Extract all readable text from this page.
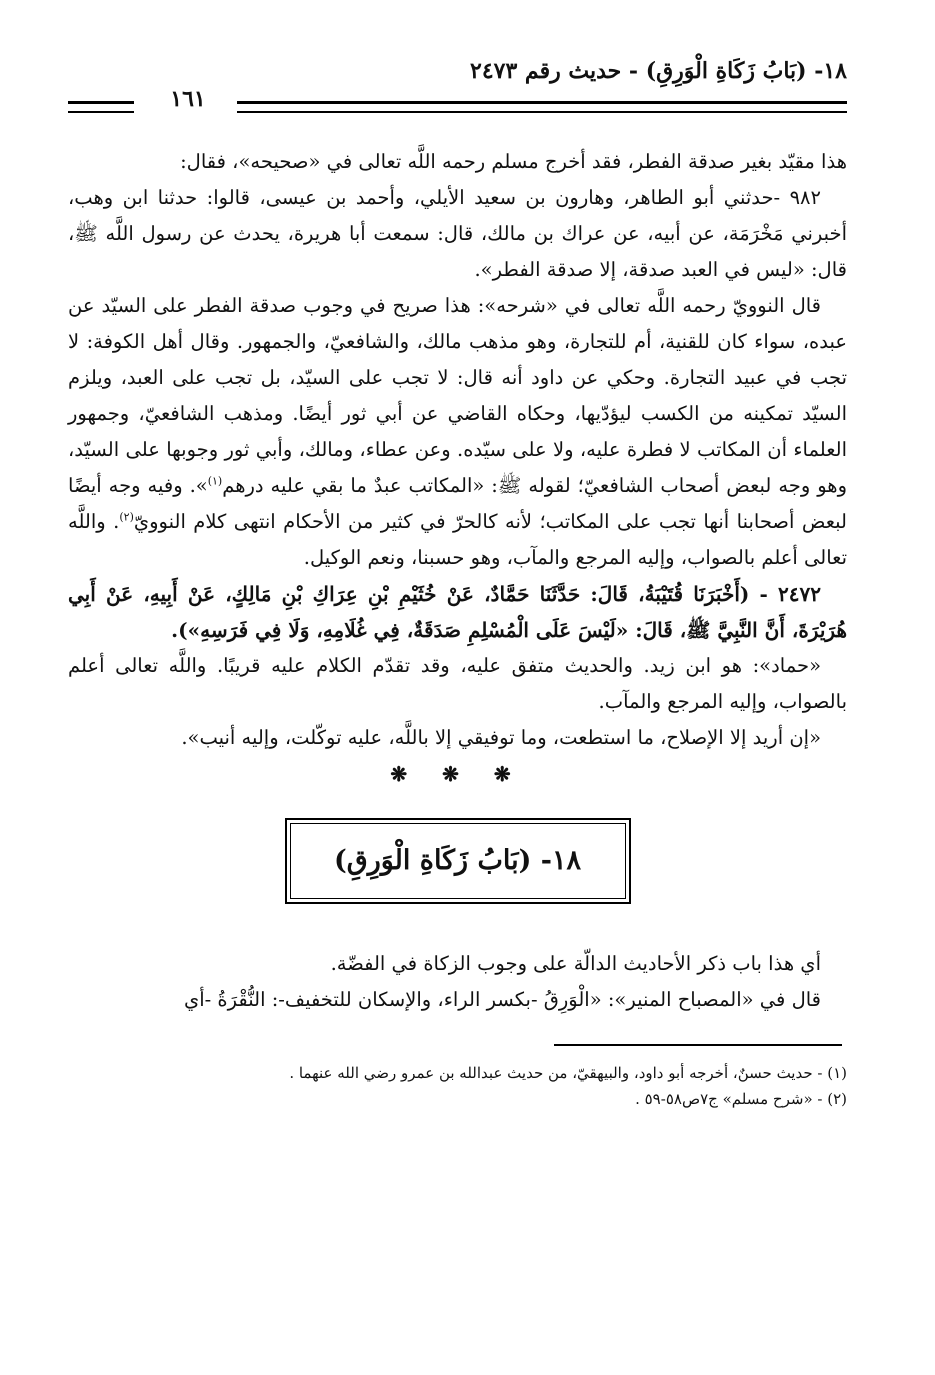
١٨- (بَابُ زَكَاةِ الْوَرِقِ) - حديث رقم ٢٤٧٣
١٦١

هذا مقيّد بغير صدقة الفطر، فقد أخرج مسلم رحمه اللَّه تعالى في «صحيحه»، فقال:

٩٨٢ -حدثني أبو الطاهر، وهارون بن سعيد الأيلي، وأحمد بن عيسى، قالوا: حدثنا ابن وهب، أخبرني مَخْرَمَة، عن أبيه، عن عراك بن مالك، قال: سمعت أبا هريرة، يحدث عن رسول اللَّه ﷺ، قال: «ليس في العبد صدقة، إلا صدقة الفطر».

قال النوويّ رحمه اللَّه تعالى في «شرحه»: هذا صريح في وجوب صدقة الفطر على السيّد عن عبده، سواء كان للقنية، أم للتجارة، وهو مذهب مالك، والشافعيّ، والجمهور. وقال أهل الكوفة: لا تجب في عبيد التجارة. وحكي عن داود أنه قال: لا تجب على السيّد، بل تجب على العبد، ويلزم السيّد تمكينه من الكسب ليؤدّيها، وحكاه القاضي عن أبي ثور أيضًا. ومذهب الشافعيّ، وجمهور العلماء أن المكاتب لا فطرة عليه، ولا على سيّده. وعن عطاء، ومالك، وأبي ثور وجوبها على السيّد، وهو وجه لبعض أصحاب الشافعيّ؛ لقوله ﷺ: «المكاتب عبدٌ ما بقي عليه درهم$^{(١)}$». وفيه وجه أيضًا لبعض أصحابنا أنها تجب على المكاتب؛ لأنه كالحرّ في كثير من الأحكام انتهى كلام النوويّ$^{(٢)}$. واللَّه تعالى أعلم بالصواب، وإليه المرجع والمآب، وهو حسبنا، ونعم الوكيل.

٢٤٧٢ - (أَخْبَرَنَا قُتَيْبَةُ، قَالَ: حَدَّثَنَا حَمَّادٌ، عَنْ خُثَيْمِ بْنِ عِرَاكِ بْنِ مَالِكٍ، عَنْ أَبِيهِ، عَنْ أَبِي هُرَيْرَةَ، أَنَّ النَّبِيَّ ﷺ، قَالَ: «لَيْسَ عَلَى الْمُسْلِمِ صَدَقَةٌ، فِي غُلَامِهِ، وَلَا فِي فَرَسِهِ»).

«حماد»: هو ابن زيد. والحديث متفق عليه، وقد تقدّم الكلام عليه قريبًا. واللَّه تعالى أعلم بالصواب، وإليه المرجع والمآب.

«إن أريد إلا الإصلاح، ما استطعت، وما توفيقي إلا باللَّه، عليه توكّلت، وإليه أنيب».

❋ ❋ ❋
١٨- (بَابُ زَكَاةِ الْوَرِقِ)

أي هذا باب ذكر الأحاديث الدالّة على وجوب الزكاة في الفضّة.

قال في «المصباح المنير»: «الْوَرِقُ -بكسر الراء، والإسكان للتخفيف-: النُّقْرَةُ -أي

(١) - حديث حسنٌ، أخرجه أبو داود، والبيهقيّ، من حديث عبدالله بن عمرو رضي الله عنهما .

(٢) - «شرح مسلم» ج٧ص٥٨-٥٩ .
